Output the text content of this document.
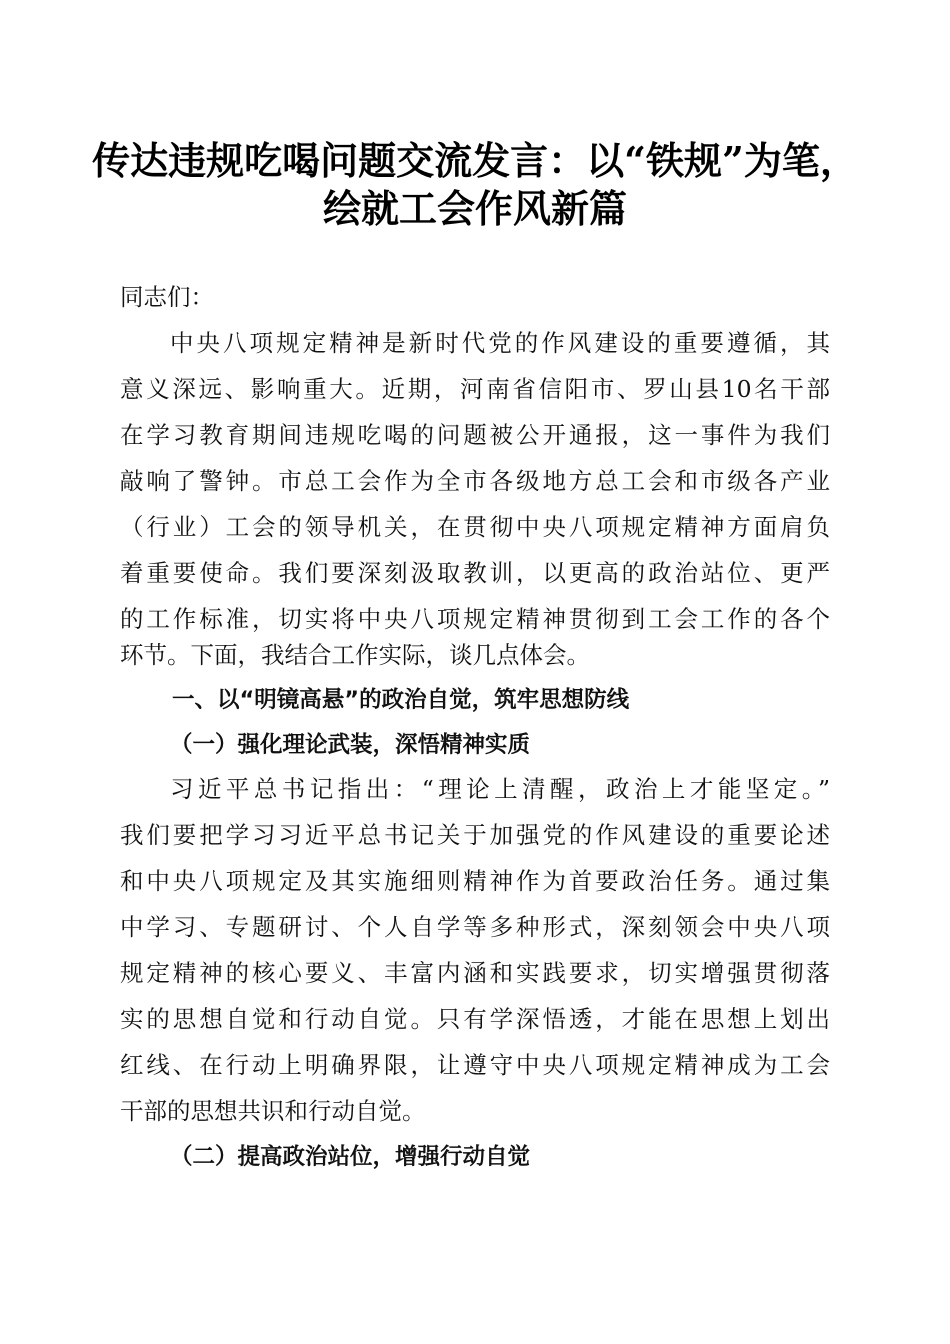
传达违规吃喝问题交流发言：以“铁规”为笔，
绘就工会作风新篇
同志们：
中央八项规定精神是新时代党的作风建设的重要遵循，其
意义深远、影响重大。近期，河南省信阳市、罗山县10名干部
在学习教育期间违规吃喝的问题被公开通报，这一事件为我们
敲响了警钟。市总工会作为全市各级地方总工会和市级各产业
（行业）工会的领导机关，在贯彻中央八项规定精神方面肩负
着重要使命。我们要深刻汲取教训，以更高的政治站位、更严
的工作标准，切实将中央八项规定精神贯彻到工会工作的各个
环节。下面，我结合工作实际，谈几点体会。
一、以“明镜高悬”的政治自觉，筑牢思想防线
（一）强化理论武装，深悟精神实质
习近平总书记指出：“理论上清醒，政治上才能坚定。”
我们要把学习习近平总书记关于加强党的作风建设的重要论述
和中央八项规定及其实施细则精神作为首要政治任务。通过集
中学习、专题研讨、个人自学等多种形式，深刻领会中央八项
规定精神的核心要义、丰富内涵和实践要求，切实增强贯彻落
实的思想自觉和行动自觉。只有学深悟透，才能在思想上划出
红线、在行动上明确界限，让遵守中央八项规定精神成为工会
干部的思想共识和行动自觉。
（二）提高政治站位，增强行动自觉
